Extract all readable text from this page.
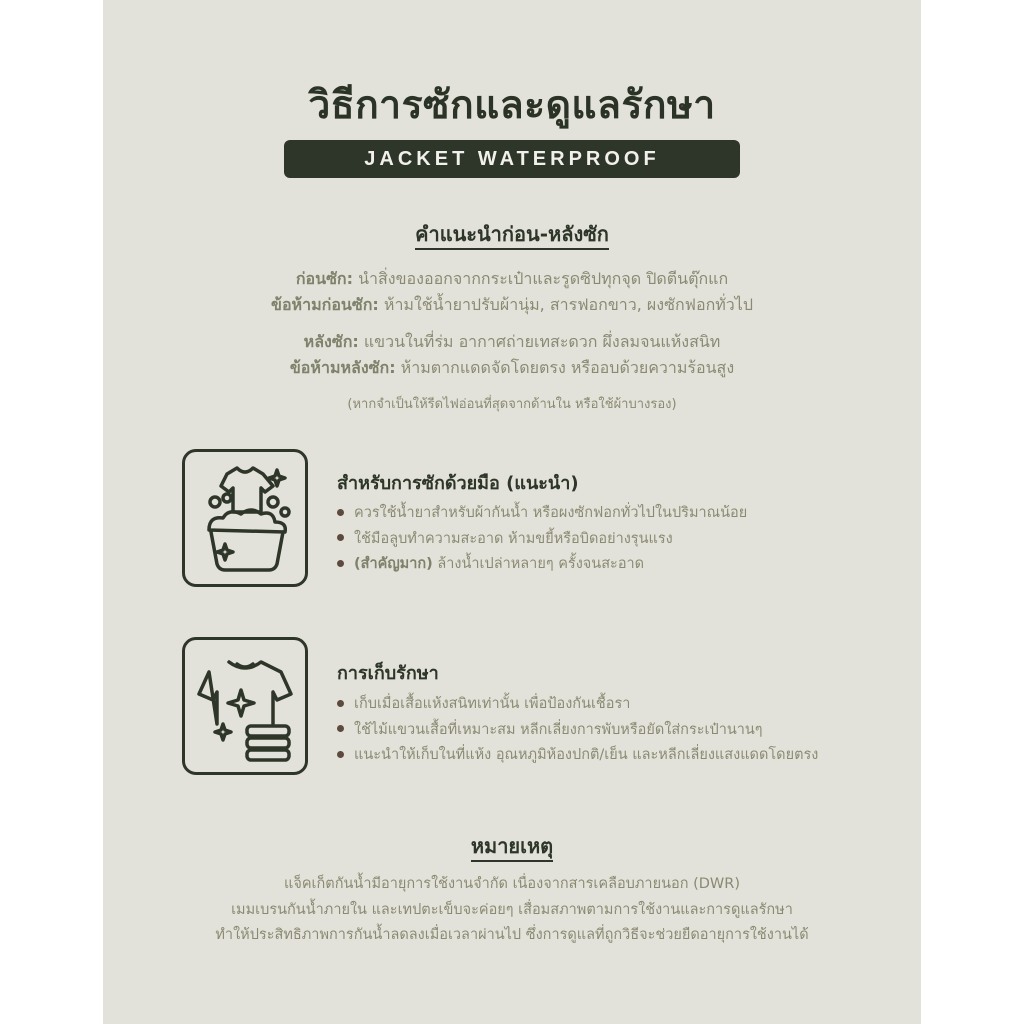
วิธีการซักและดูแลรักษา
JACKET WATERPROOF
คำแนะนำก่อน-หลังซัก
ก่อนซัก: นำสิ่งของออกจากกระเป๋าและรูดซิปทุกจุด ปิดตีนตุ๊กแก
ข้อห้ามก่อนซัก: ห้ามใช้น้ำยาปรับผ้านุ่ม, สารฟอกขาว, ผงซักฟอกทั่วไป
หลังซัก: แขวนในที่ร่ม อากาศถ่ายเทสะดวก ผึ่งลมจนแห้งสนิท
ข้อห้ามหลังซัก: ห้ามตากแดดจัดโดยตรง หรืออบด้วยความร้อนสูง
(หากจำเป็นให้รีดไฟอ่อนที่สุดจากด้านใน หรือใช้ผ้าบางรอง)
สำหรับการซักด้วยมือ (แนะนำ)
ควรใช้น้ำยาสำหรับผ้ากันน้ำ หรือผงซักฟอกทั่วไปในปริมาณน้อย
ใช้มือลูบทำความสะอาด ห้ามขยี้หรือบิดอย่างรุนแรง
(สำคัญมาก) ล้างน้ำเปล่าหลายๆ ครั้งจนสะอาด
การเก็บรักษา
เก็บเมื่อเสื้อแห้งสนิทเท่านั้น เพื่อป้องกันเชื้อรา
ใช้ไม้แขวนเสื้อที่เหมาะสม หลีกเลี่ยงการพับหรือยัดใส่กระเป๋านานๆ
แนะนำให้เก็บในที่แห้ง อุณหภูมิห้องปกติ/เย็น และหลีกเลี่ยงแสงแดดโดยตรง
หมายเหตุ
แจ็คเก็ตกันน้ำมีอายุการใช้งานจำกัด เนื่องจากสารเคลือบภายนอก (DWR)
เมมเบรนกันน้ำภายใน และเทปตะเข็บจะค่อยๆ เสื่อมสภาพตามการใช้งานและการดูแลรักษา
ทำให้ประสิทธิภาพการกันน้ำลดลงเมื่อเวลาผ่านไป ซึ่งการดูแลที่ถูกวิธีจะช่วยยืดอายุการใช้งานได้
